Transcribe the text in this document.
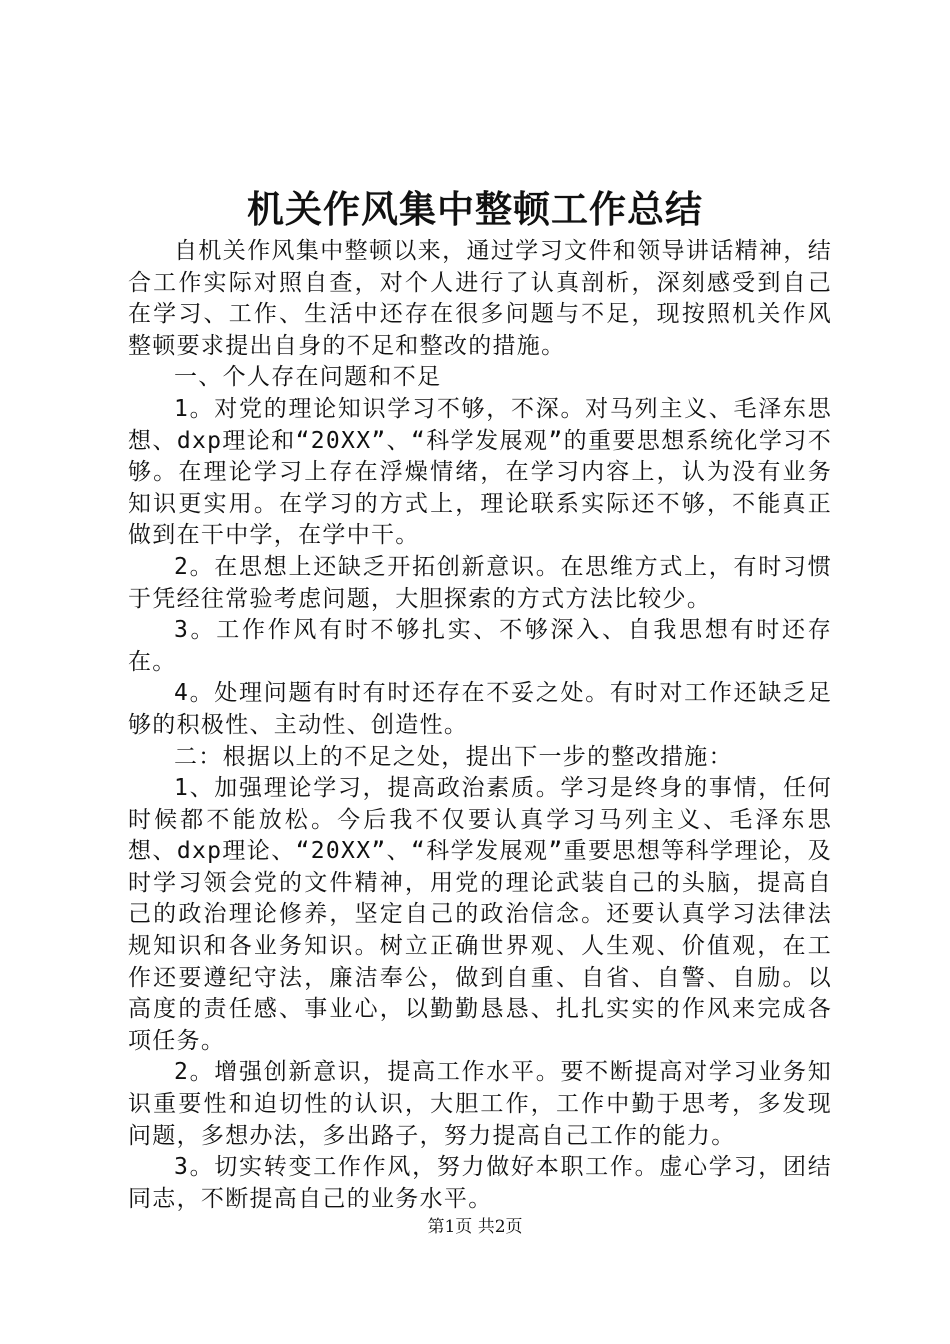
机关作风集中整顿工作总结

自机关作风集中整顿以来，通过学习文件和领导讲话精神，结合工作实际对照自查，对个人进行了认真剖析，深刻感受到自己在学习、工作、生活中还存在很多问题与不足，现按照机关作风整顿要求提出自身的不足和整改的措施。

一、个人存在问题和不足

1。对党的理论知识学习不够，不深。对马列主义、毛泽东思想、dxp理论和“20XX”、“科学发展观”的重要思想系统化学习不够。在理论学习上存在浮燥情绪，在学习内容上，认为没有业务知识更实用。在学习的方式上，理论联系实际还不够，不能真正做到在干中学，在学中干。

2。在思想上还缺乏开拓创新意识。在思维方式上，有时习惯于凭经往常验考虑问题，大胆探索的方式方法比较少。

3。工作作风有时不够扎实、不够深入、自我思想有时还存在。

4。处理问题有时有时还存在不妥之处。有时对工作还缺乏足够的积极性、主动性、创造性。

二：根据以上的不足之处，提出下一步的整改措施：

1、加强理论学习，提高政治素质。学习是终身的事情，任何时候都不能放松。今后我不仅要认真学习马列主义、毛泽东思想、dxp理论、“20XX”、“科学发展观”重要思想等科学理论，及时学习领会党的文件精神，用党的理论武装自己的头脑，提高自己的政治理论修养，坚定自己的政治信念。还要认真学习法律法规知识和各业务知识。树立正确世界观、人生观、价值观，在工作还要遵纪守法，廉洁奉公，做到自重、自省、自警、自励。以高度的责任感、事业心，以勤勤恳恳、扎扎实实的作风来完成各项任务。

2。增强创新意识，提高工作水平。要不断提高对学习业务知识重要性和迫切性的认识，大胆工作，工作中勤于思考，多发现问题，多想办法，多出路子，努力提高自己工作的能力。

3。切实转变工作作风，努力做好本职工作。虚心学习，团结同志，不断提高自己的业务水平。

第1页 共2页
